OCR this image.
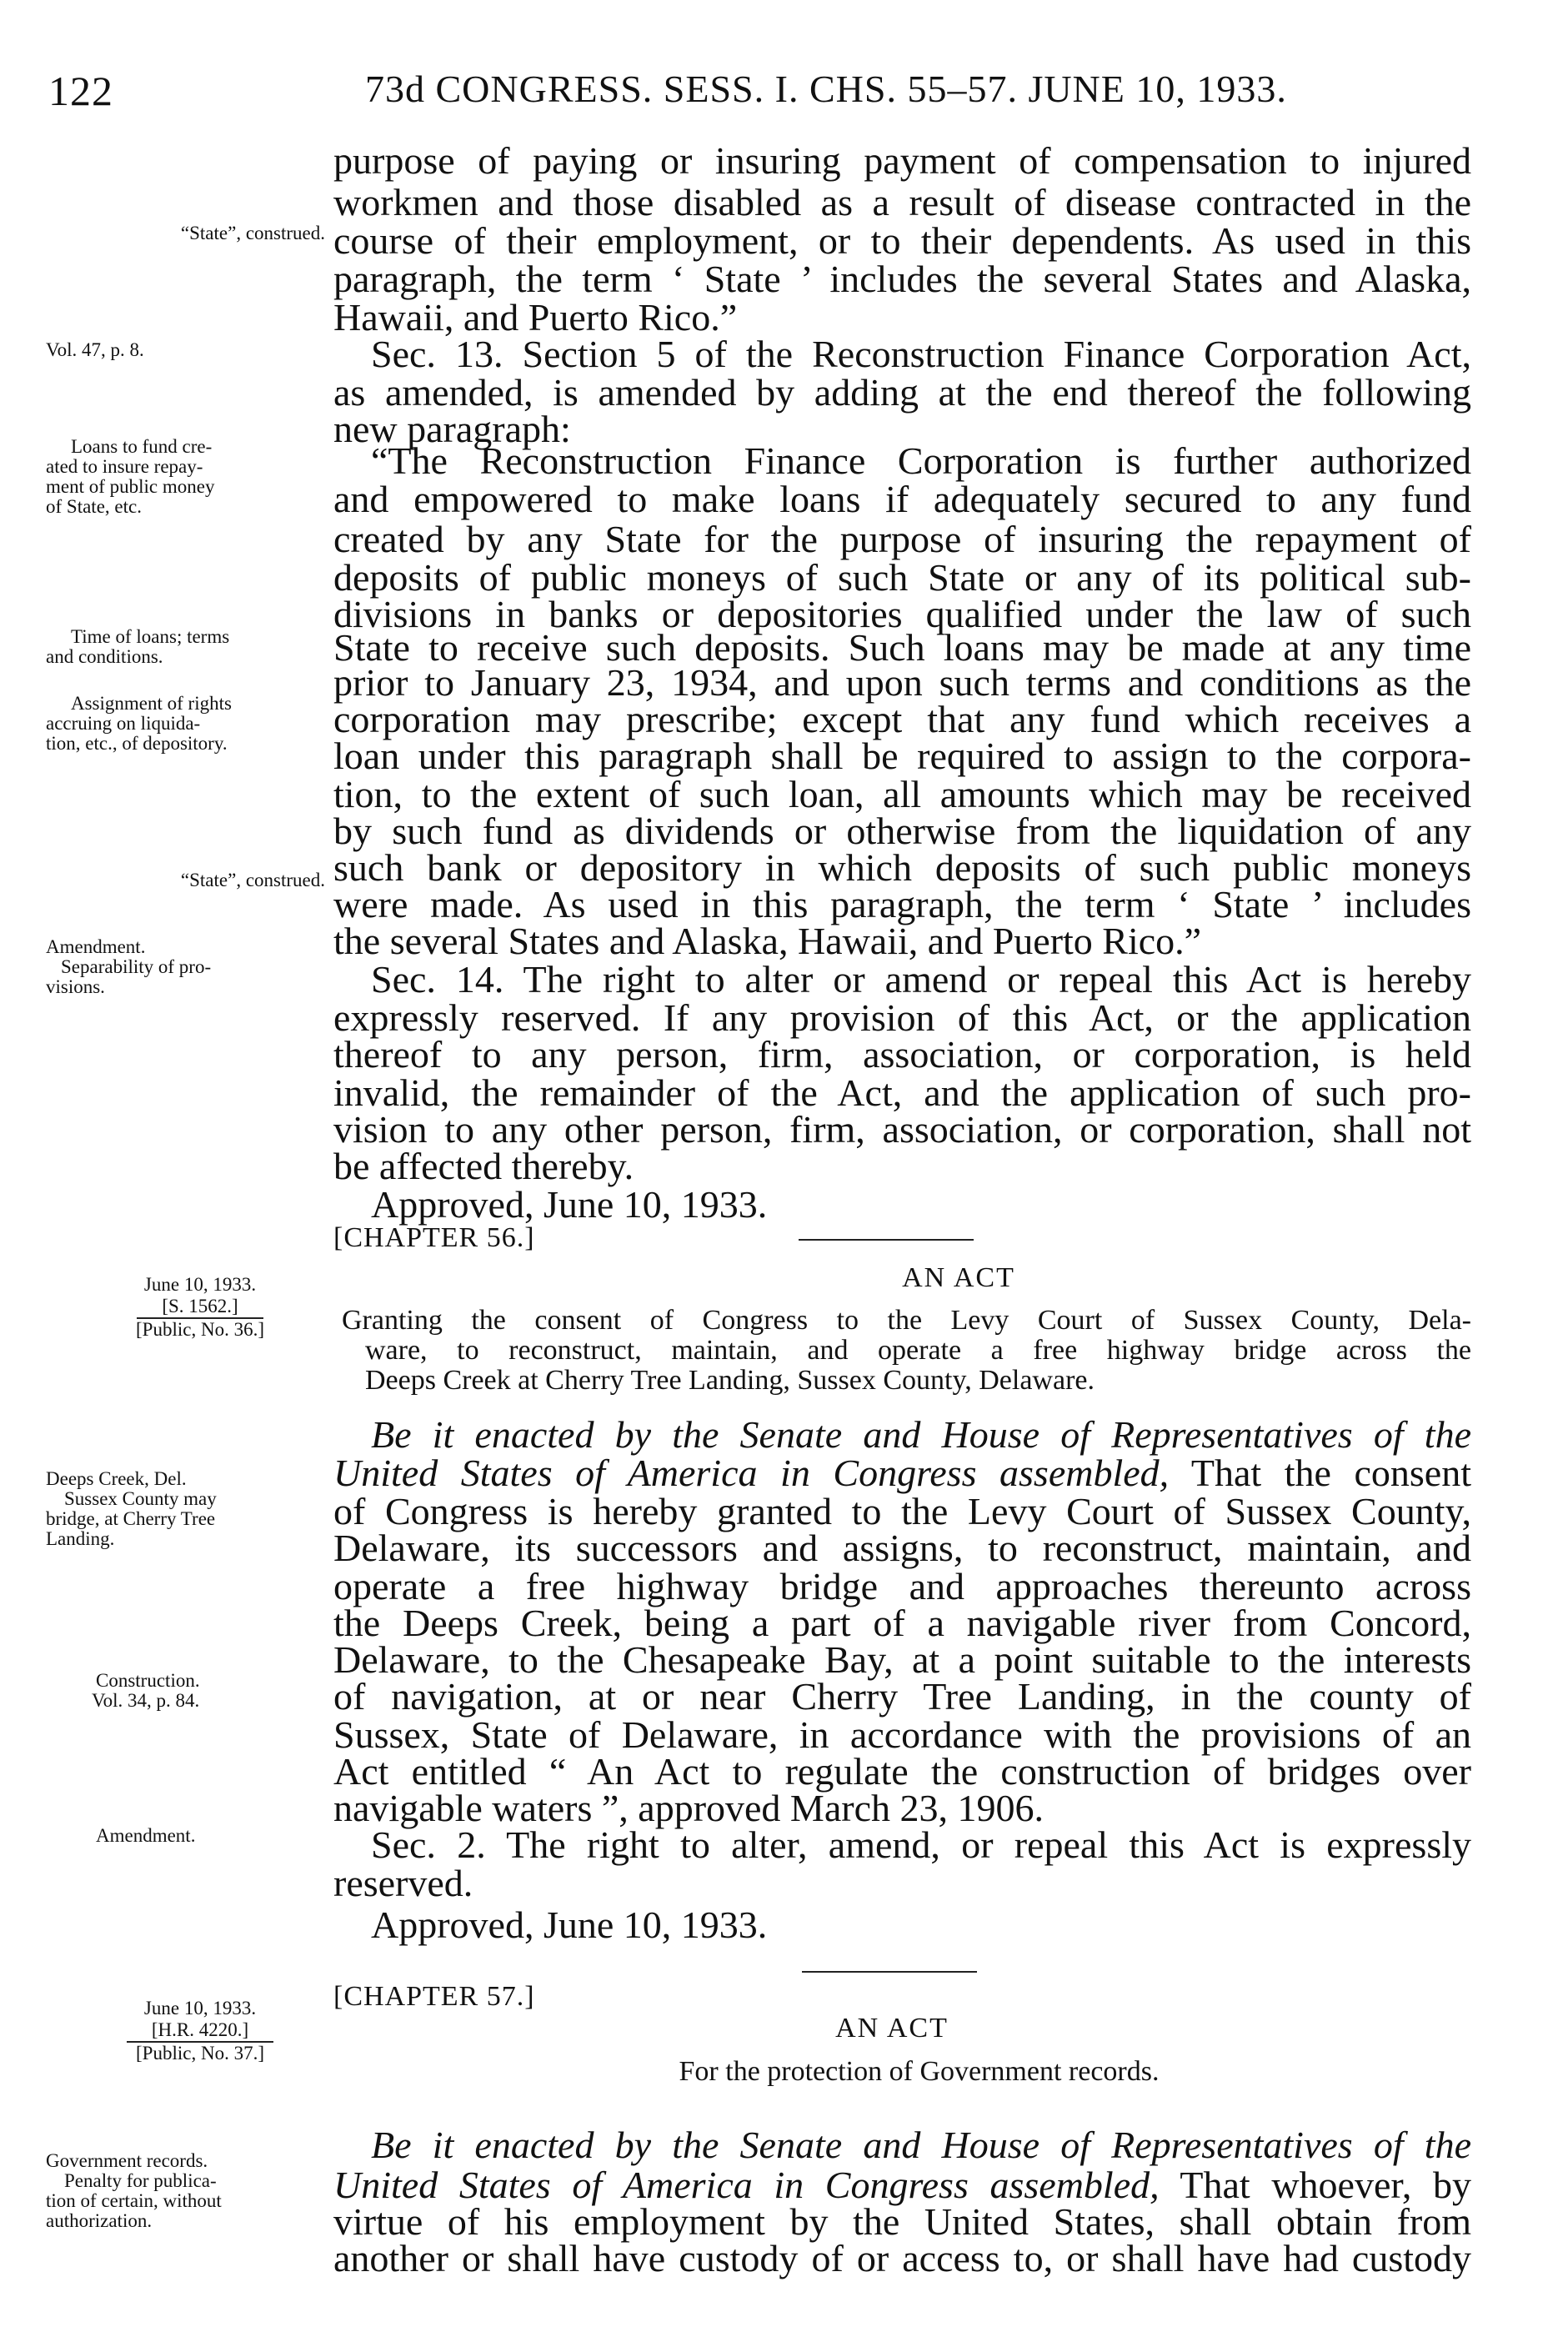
122	73d CONGRESS. SESS. I. CHS. 55–57. JUNE 10, 1933.
“State”, construed.
Vol. 47, p. 8.
Loans to fund cre-
ated to insure repay-
ment of public money
of State, etc.
Time of loans; terms
and conditions.
Assignment of rights
accruing on liquida-
tion, etc., of depository.
“State”, construed.
Amendment.
Separability of pro-
visions.
June 10, 1933.
[S. 1562.]
[Public, No. 36.]
Deeps Creek, Del.
Sussex County may
bridge, at Cherry Tree
Landing.
Construction.
Vol. 34, p. 84.
Amendment.
June 10, 1933.
[H.R. 4220.]
[Public, No. 37.]
Government records.
Penalty for publica-
tion of certain, without
authorization.
purpose of paying or insuring payment of compensation to injured
workmen and those disabled as a result of disease contracted in the
course of their employment, or to their dependents. As used in this
paragraph, the term ‘ State ’ includes the several States and Alaska,
Hawaii, and Puerto Rico.”
Sec. 13. Section 5 of the Reconstruction Finance Corporation Act,
as amended, is amended by adding at the end thereof the following
new paragraph:
“The Reconstruction Finance Corporation is further authorized
and empowered to make loans if adequately secured to any fund
created by any State for the purpose of insuring the repayment of
deposits of public moneys of such State or any of its political sub-
divisions in banks or depositories qualified under the law of such
State to receive such deposits. Such loans may be made at any time
prior to January 23, 1934, and upon such terms and conditions as the
corporation may prescribe; except that any fund which receives a
loan under this paragraph shall be required to assign to the corpora-
tion, to the extent of such loan, all amounts which may be received
by such fund as dividends or otherwise from the liquidation of any
such bank or depository in which deposits of such public moneys
were made. As used in this paragraph, the term ‘ State ’ includes
the several States and Alaska, Hawaii, and Puerto Rico.”
Sec. 14. The right to alter or amend or repeal this Act is hereby
expressly reserved. If any provision of this Act, or the application
thereof to any person, firm, association, or corporation, is held
invalid, the remainder of the Act, and the application of such pro-
vision to any other person, firm, association, or corporation, shall not
be affected thereby.
Approved, June 10, 1933.
[CHAPTER 56.]
AN ACT
Granting the consent of Congress to the Levy Court of Sussex County, Dela-
ware, to reconstruct, maintain, and operate a free highway bridge across the
Deeps Creek at Cherry Tree Landing, Sussex County, Delaware.
Be it enacted by the Senate and House of Representatives of the
United States of America in Congress assembled, That the consent
of Congress is hereby granted to the Levy Court of Sussex County,
Delaware, its successors and assigns, to reconstruct, maintain, and
operate a free highway bridge and approaches thereunto across
the Deeps Creek, being a part of a navigable river from Concord,
Delaware, to the Chesapeake Bay, at a point suitable to the interests
of navigation, at or near Cherry Tree Landing, in the county of
Sussex, State of Delaware, in accordance with the provisions of an
Act entitled “ An Act to regulate the construction of bridges over
navigable waters ”, approved March 23, 1906.
Sec. 2. The right to alter, amend, or repeal this Act is expressly
reserved.
Approved, June 10, 1933.
[CHAPTER 57.]
AN ACT
For the protection of Government records.
Be it enacted by the Senate and House of Representatives of the
United States of America in Congress assembled, That whoever, by
virtue of his employment by the United States, shall obtain from
another or shall have custody of or access to, or shall have had custody
